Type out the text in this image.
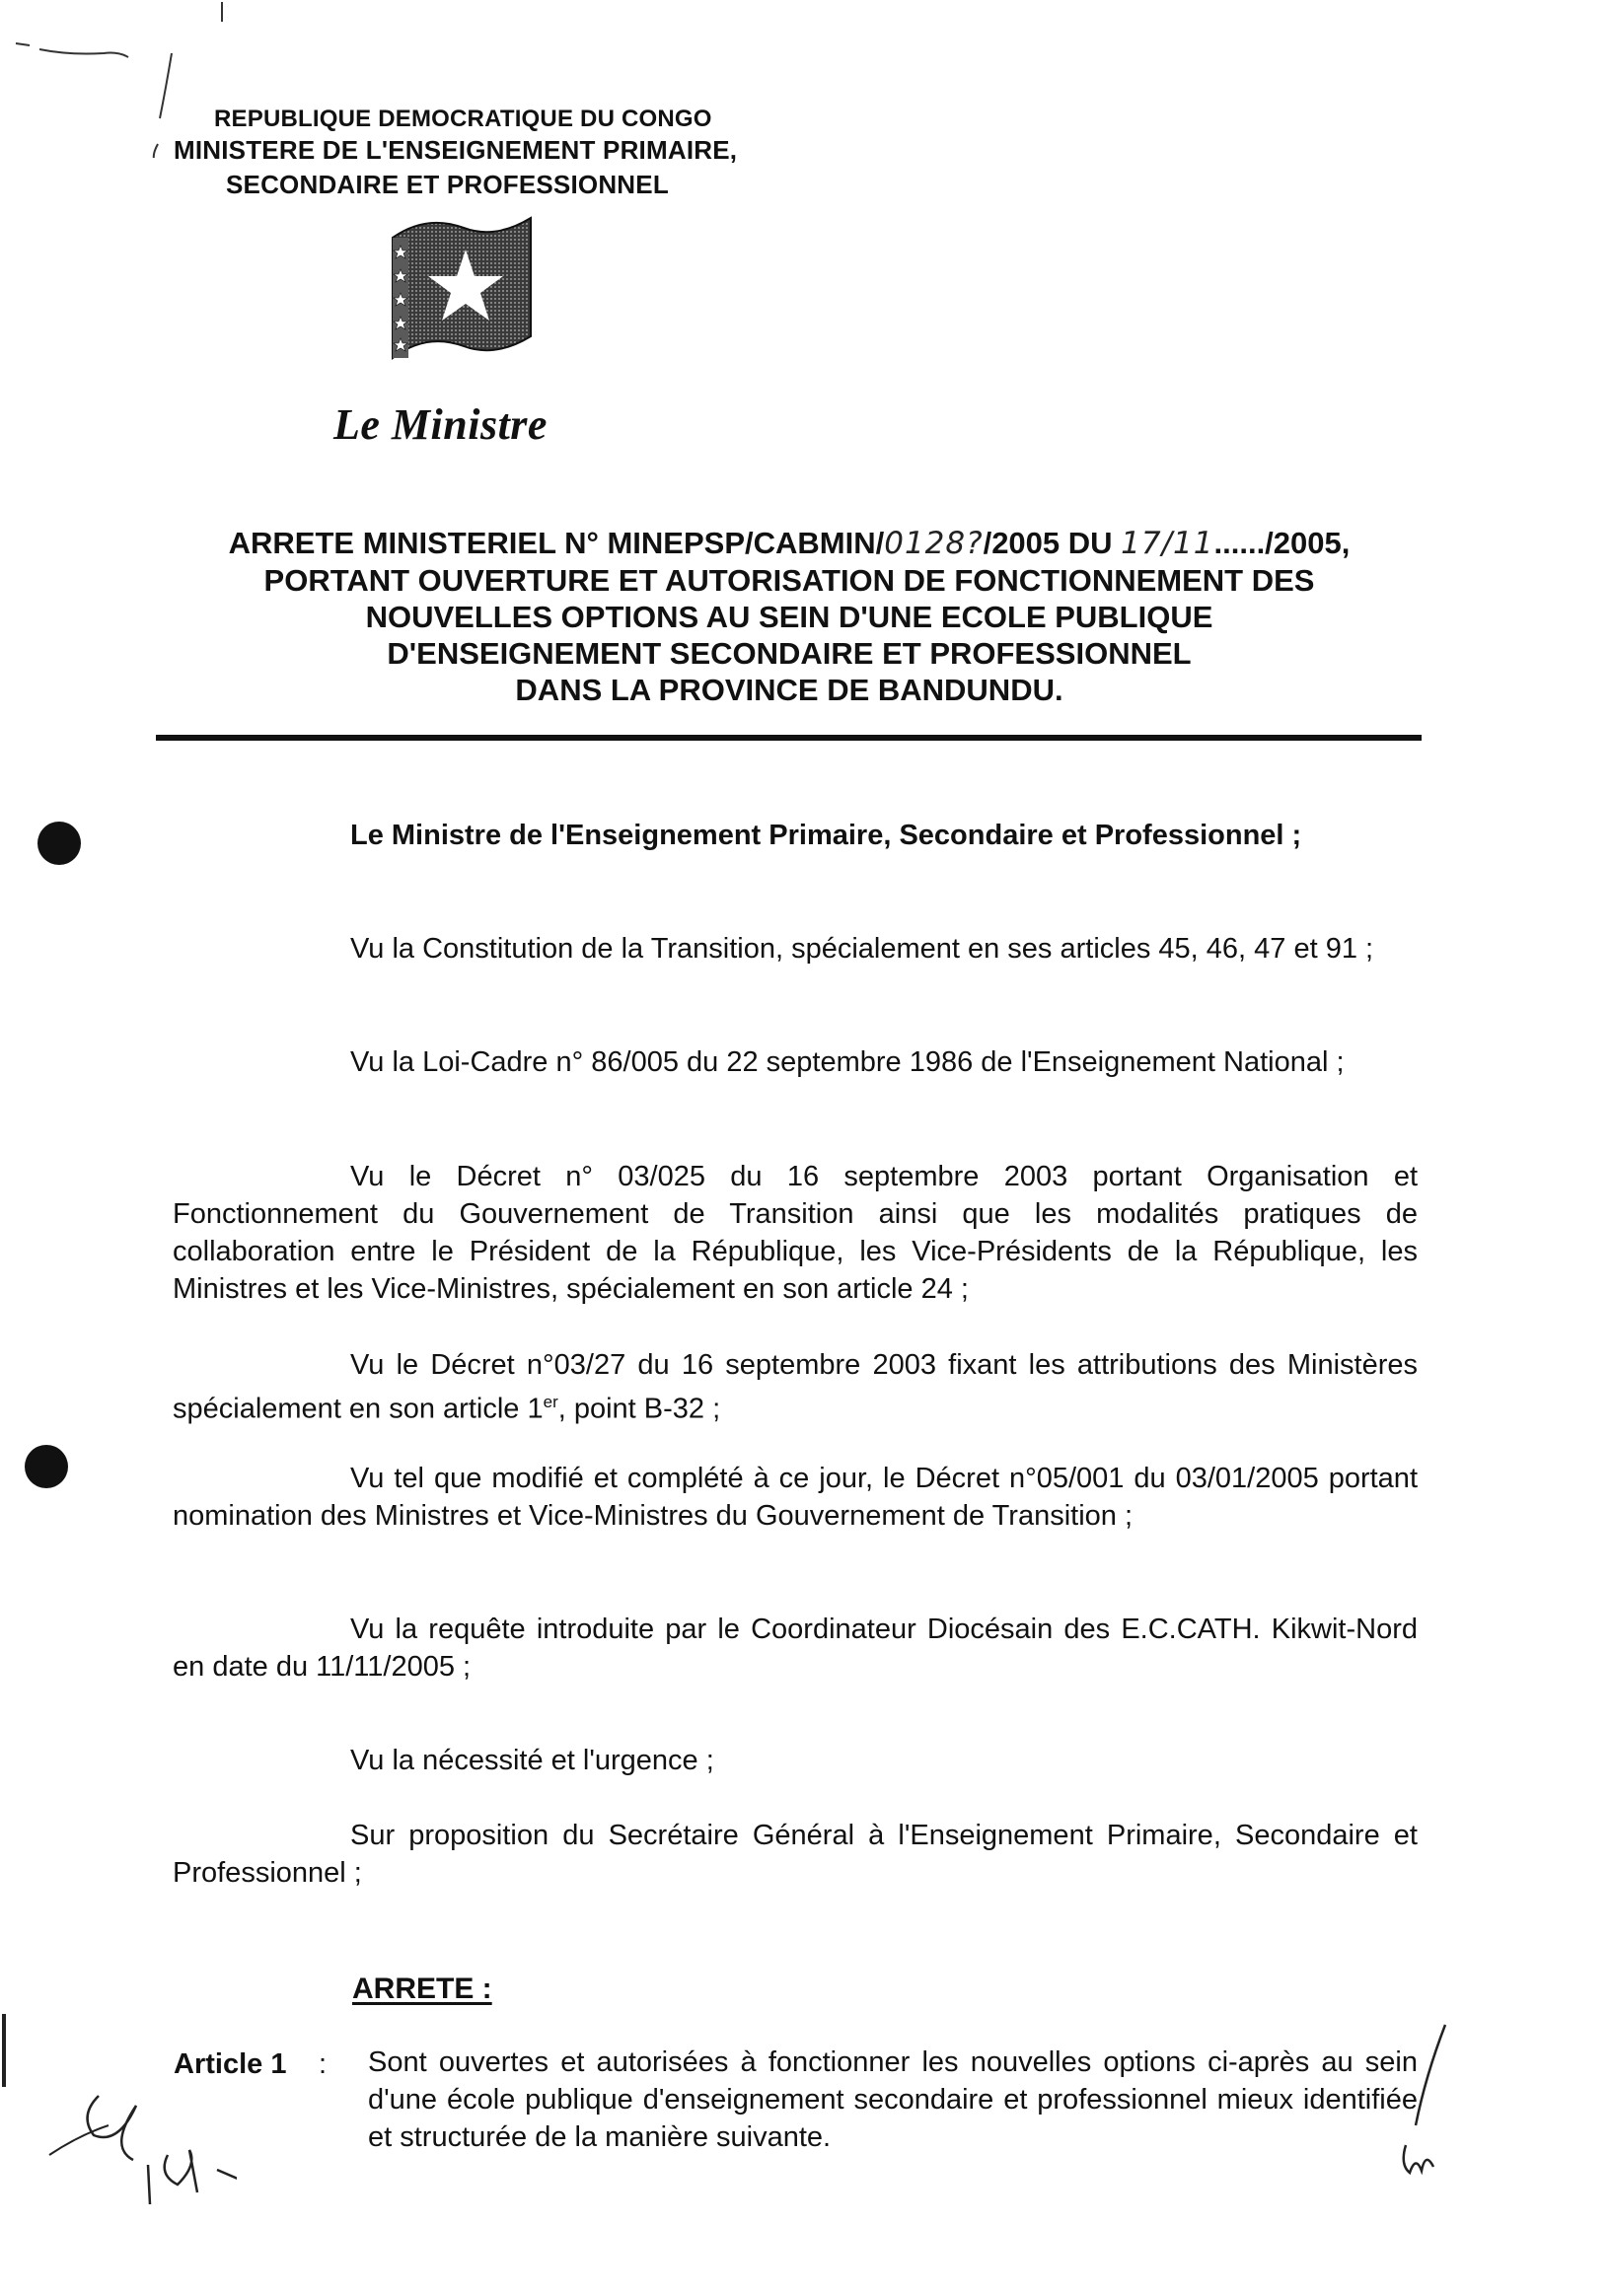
REPUBLIQUE DEMOCRATIQUE DU CONGO
MINISTERE DE L'ENSEIGNEMENT PRIMAIRE,
SECONDAIRE ET PROFESSIONNEL
Le Ministre
ARRETE MINISTERIEL N° MINEPSP/CABMIN/0128?/2005 DU 17/11....../2005,
PORTANT OUVERTURE ET AUTORISATION DE FONCTIONNEMENT DES
NOUVELLES OPTIONS AU SEIN D'UNE ECOLE PUBLIQUE
D'ENSEIGNEMENT SECONDAIRE ET PROFESSIONNEL
DANS LA PROVINCE DE BANDUNDU.
Le Ministre de l'Enseignement Primaire, Secondaire et Professionnel ;
Vu la Constitution de la Transition, spécialement en ses articles 45, 46, 47 et 91 ;
Vu la Loi-Cadre n° 86/005 du 22 septembre 1986 de l'Enseignement National ;
Vu le Décret n° 03/025 du 16 septembre 2003 portant Organisation et Fonctionnement du Gouvernement de Transition ainsi que les modalités pratiques de collaboration entre le Président de la République, les Vice-Présidents de la République, les Ministres et les Vice-Ministres, spécialement en son article 24 ;
Vu le Décret n°03/27 du 16 septembre 2003 fixant les attributions des Ministères spécialement en son article 1er, point B-32 ;
Vu tel que modifié et complété à ce jour, le Décret n°05/001 du 03/01/2005 portant nomination des Ministres et Vice-Ministres du Gouvernement de Transition ;
Vu la requête introduite par le Coordinateur Diocésain des E.C.CATH. Kikwit-Nord en date du 11/11/2005 ;
Vu la nécessité et l'urgence ;
Sur proposition du Secrétaire Général à l'Enseignement Primaire, Secondaire et Professionnel ;
ARRETE :
Article 1 : Sont ouvertes et autorisées à fonctionner les nouvelles options ci-après au sein d'une école publique d'enseignement secondaire et professionnel mieux identifiée et structurée de la manière suivante.
